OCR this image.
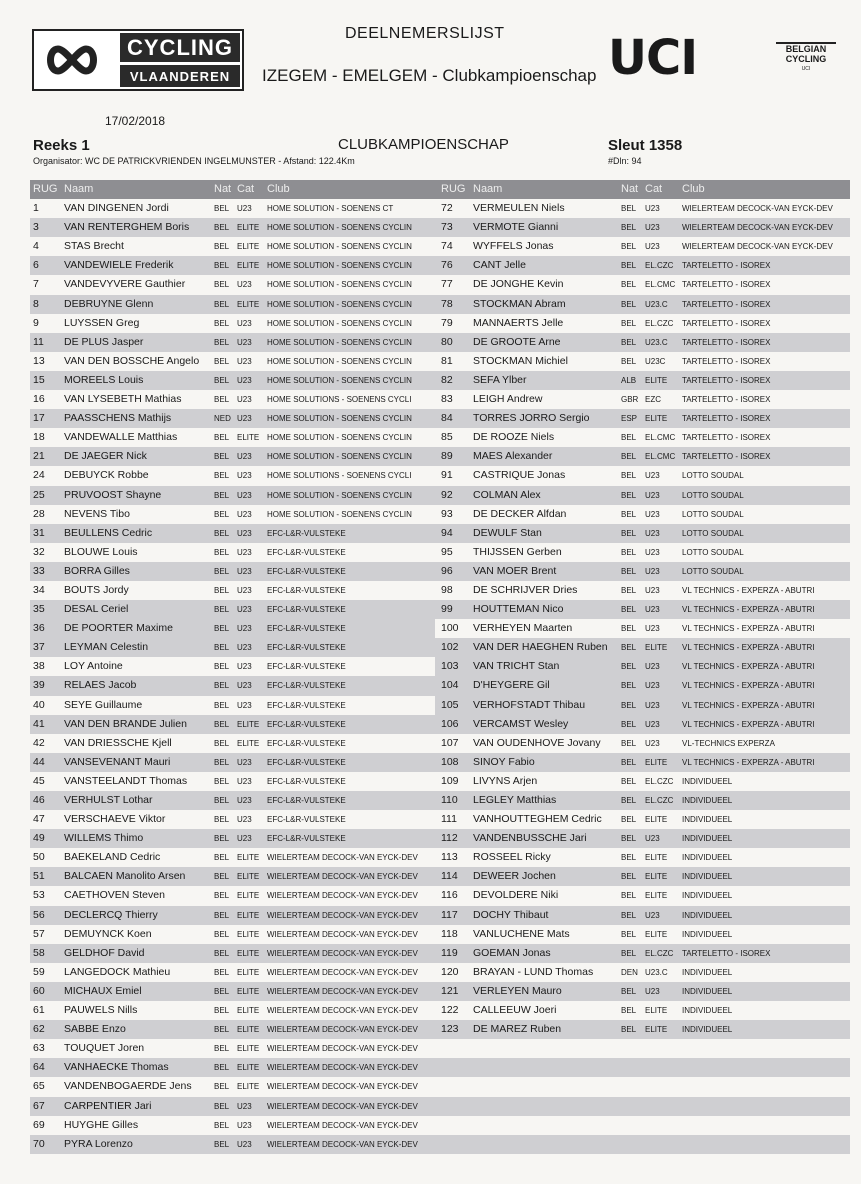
CYCLING
VLAANDEREN
DEELNEMERSLIJST
IZEGEM - EMELGEM - Clubkampioenschap UCI	BELGIAN
CYCLING
UCI
17/02/2018
Reeks 1
Organisator: WC DE PATRICKVRIENDEN INGELMUNSTER - Afstand: 122.4Km
CLUBKAMPIOENSCHAP	Sleut 1358
#Dln: 94
RUG Naam	Nat Cat	Club
1	VAN DINGENEN Jordi	BEL U23	HOME SOLUTION - SOENENS CT
3	VAN RENTERGHEM Boris	BEL ELITE HOME SOLUTION - SOENENS CYCLIN
4	STAS Brecht	BEL ELITE HOME SOLUTION - SOENENS CYCLIN
6	VANDEWIELE Frederik	BEL ELITE HOME SOLUTION - SOENENS CYCLIN
7	VANDEVYVERE Gauthier	BEL U23	HOME SOLUTION - SOENENS CYCLIN
8	DEBRUYNE Glenn	BEL ELITE HOME SOLUTION - SOENENS CYCLIN
9	LUYSSEN Greg	BEL U23	HOME SOLUTION - SOENENS CYCLIN
11	DE PLUS Jasper	BEL U23	HOME SOLUTION - SOENENS CYCLIN
13	VAN DEN BOSSCHE Angelo	BEL U23	HOME SOLUTION - SOENENS CYCLIN
15	MOREELS Louis	BEL U23	HOME SOLUTION - SOENENS CYCLIN
16	VAN LYSEBETH Mathias	BEL U23	HOME SOLUTIONS - SOENENS CYCLI
17	PAASSCHENS Mathijs	NED U23	HOME SOLUTION - SOENENS CYCLIN
18	VANDEWALLE Matthias	BEL ELITE HOME SOLUTION - SOENENS CYCLIN
21	DE JAEGER Nick	BEL U23	HOME SOLUTION - SOENENS CYCLIN
24	DEBUYCK Robbe	BEL U23	HOME SOLUTIONS - SOENENS CYCLI
25	PRUVOOST Shayne	BEL U23	HOME SOLUTION - SOENENS CYCLIN
28	NEVENS Tibo	BEL U23	HOME SOLUTION - SOENENS CYCLIN
31	BEULLENS Cedric	BEL U23	EFC-L&R-VULSTEKE
32	BLOUWE Louis	BEL U23	EFC-L&R-VULSTEKE
33	BORRA Gilles	BEL U23	EFC-L&R-VULSTEKE
34	BOUTS Jordy	BEL U23	EFC-L&R-VULSTEKE
35	DESAL Ceriel	BEL U23	EFC-L&R-VULSTEKE
36	DE POORTER Maxime	BEL U23	EFC-L&R-VULSTEKE
37	LEYMAN Celestin	BEL U23	EFC-L&R-VULSTEKE
38	LOY Antoine	BEL U23	EFC-L&R-VULSTEKE
39	RELAES Jacob	BEL U23	EFC-L&R-VULSTEKE
40	SEYE Guillaume	BEL U23	EFC-L&R-VULSTEKE
41	VAN DEN BRANDE Julien	BEL ELITE EFC-L&R-VULSTEKE
42	VAN DRIESSCHE Kjell	BEL ELITE EFC-L&R-VULSTEKE
44	VANSEVENANT Mauri	BEL U23	EFC-L&R-VULSTEKE
45	VANSTEELANDT Thomas	BEL U23	EFC-L&R-VULSTEKE
46	VERHULST Lothar	BEL U23	EFC-L&R-VULSTEKE
47	VERSCHAEVE Viktor	BEL U23	EFC-L&R-VULSTEKE
49	WILLEMS Thimo	BEL U23	EFC-L&R-VULSTEKE
50	BAEKELAND Cedric	BEL ELITE WIELERTEAM DECOCK-VAN EYCK-DEV
51	BALCAEN Manolito Arsen	BEL ELITE WIELERTEAM DECOCK-VAN EYCK-DEV
53	CAETHOVEN Steven	BEL ELITE WIELERTEAM DECOCK-VAN EYCK-DEV
56	DECLERCQ Thierry	BEL ELITE WIELERTEAM DECOCK-VAN EYCK-DEV
57	DEMUYNCK Koen	BEL ELITE WIELERTEAM DECOCK-VAN EYCK-DEV
58	GELDHOF David	BEL ELITE WIELERTEAM DECOCK-VAN EYCK-DEV
59	LANGEDOCK Mathieu	BEL ELITE WIELERTEAM DECOCK-VAN EYCK-DEV
60	MICHAUX Emiel	BEL ELITE WIELERTEAM DECOCK-VAN EYCK-DEV
61	PAUWELS Nills	BEL ELITE WIELERTEAM DECOCK-VAN EYCK-DEV
62	SABBE Enzo	BEL ELITE WIELERTEAM DECOCK-VAN EYCK-DEV
63	TOUQUET Joren	BEL ELITE WIELERTEAM DECOCK-VAN EYCK-DEV
64	VANHAECKE Thomas	BEL ELITE WIELERTEAM DECOCK-VAN EYCK-DEV
65	VANDENBOGAERDE Jens	BEL ELITE WIELERTEAM DECOCK-VAN EYCK-DEV
67	CARPENTIER Jari	BEL U23	WIELERTEAM DECOCK-VAN EYCK-DEV
69	HUYGHE Gilles	BEL U23	WIELERTEAM DECOCK-VAN EYCK-DEV
70	PYRA Lorenzo	BEL U23	WIELERTEAM DECOCK-VAN EYCK-DEV
RUG Naam	Nat Cat	Club
72	VERMEULEN Niels	BEL	U23	WIELERTEAM DECOCK-VAN EYCK-DEV
73	VERMOTE Gianni	BEL	U23	WIELERTEAM DECOCK-VAN EYCK-DEV
74	WYFFELS Jonas	BEL	U23	WIELERTEAM DECOCK-VAN EYCK-DEV
76	CANT Jelle	BEL	EL.CZC	TARTELETTO - ISOREX
77	DE JONGHE Kevin	BEL	EL.CMC TARTELETTO - ISOREX
78	STOCKMAN Abram	BEL	U23.C	TARTELETTO - ISOREX
79	MANNAERTS Jelle	BEL	EL.CZC	TARTELETTO - ISOREX
80	DE GROOTE Arne	BEL	U23.C	TARTELETTO - ISOREX
81	STOCKMAN Michiel	BEL	U23C	TARTELETTO - ISOREX
82	SEFA Ylber	ALB	ELITE	TARTELETTO - ISOREX
83	LEIGH Andrew	GBR EZC	TARTELETTO - ISOREX
84	TORRES JORRO Sergio	ESP ELITE	TARTELETTO - ISOREX
85	DE ROOZE Niels	BEL	EL.CMC TARTELETTO - ISOREX
89	MAES Alexander	BEL	EL.CMC TARTELETTO - ISOREX
91	CASTRIQUE Jonas	BEL	U23	LOTTO SOUDAL
92	COLMAN Alex	BEL	U23	LOTTO SOUDAL
93	DE DECKER Alfdan	BEL	U23	LOTTO SOUDAL
94	DEWULF Stan	BEL	U23	LOTTO SOUDAL
95	THIJSSEN Gerben	BEL	U23	LOTTO SOUDAL
96	VAN MOER Brent	BEL	U23	LOTTO SOUDAL
98	DE SCHRIJVER Dries	BEL	U23	VL TECHNICS - EXPERZA - ABUTRI
99	HOUTTEMAN Nico	BEL	U23	VL TECHNICS - EXPERZA - ABUTRI
100	VERHEYEN Maarten	BEL	U23	VL TECHNICS - EXPERZA - ABUTRI
102	VAN DER HAEGHEN Ruben	BEL	ELITE	VL TECHNICS - EXPERZA - ABUTRI
103	VAN TRICHT Stan	BEL	U23	VL TECHNICS - EXPERZA - ABUTRI
104	D'HEYGERE Gil	BEL	U23	VL TECHNICS - EXPERZA - ABUTRI
105	VERHOFSTADT Thibau	BEL	U23	VL TECHNICS - EXPERZA - ABUTRI
106	VERCAMST Wesley	BEL	U23	VL TECHNICS - EXPERZA - ABUTRI
107	VAN OUDENHOVE Jovany	BEL	U23	VL-TECHNICS EXPERZA
108	SINOY Fabio	BEL	ELITE	VL TECHNICS - EXPERZA - ABUTRI
109	LIVYNS Arjen	BEL	EL.CZC	INDIVIDUEEL
110	LEGLEY Matthias	BEL	EL.CZC	INDIVIDUEEL
111	VANHOUTTEGHEM Cedric	BEL	ELITE	INDIVIDUEEL
112	VANDENBUSSCHE Jari	BEL	U23	INDIVIDUEEL
113	ROSSEEL Ricky	BEL	ELITE	INDIVIDUEEL
114	DEWEER Jochen	BEL	ELITE	INDIVIDUEEL
116	DEVOLDERE Niki	BEL	ELITE	INDIVIDUEEL
117	DOCHY Thibaut	BEL	U23	INDIVIDUEEL
118	VANLUCHENE Mats	BEL	ELITE	INDIVIDUEEL
119	GOEMAN Jonas	BEL	EL.CZC	TARTELETTO - ISOREX
120	BRAYAN - LUND Thomas	DEN U23.C	INDIVIDUEEL
121	VERLEYEN Mauro	BEL	U23	INDIVIDUEEL
122	CALLEEUW Joeri	BEL	ELITE	INDIVIDUEEL
123	DE MAREZ Ruben	BEL	ELITE	INDIVIDUEEL
